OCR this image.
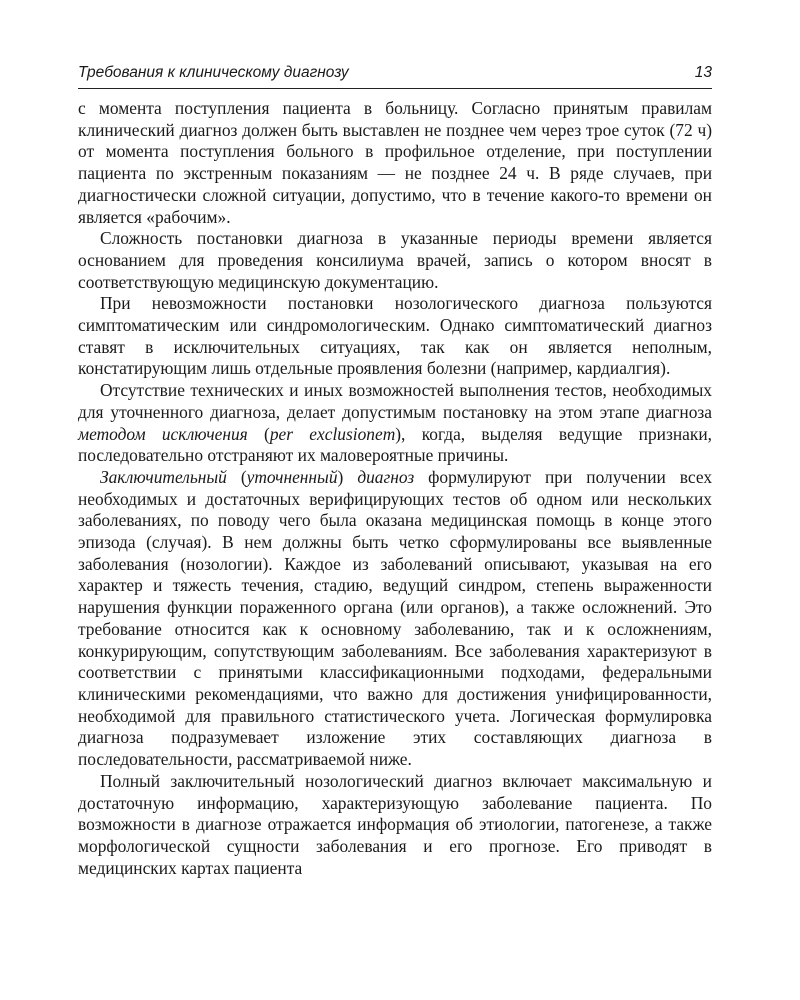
Требования к клиническому диагнозу	13

с момента поступления пациента в больницу. Согласно принятым правилам клинический диагноз должен быть выставлен не позднее чем через трое суток (72 ч) от момента поступления больного в профильное отделение, при поступлении пациента по экстренным показаниям — не позднее 24 ч. В ряде случаев, при диагностически сложной ситуации, допустимо, что в течение какого-то времени он является «рабочим».

Сложность постановки диагноза в указанные периоды времени является основанием для проведения консилиума врачей, запись о котором вносят в соответствующую медицинскую документацию.

При невозможности постановки нозологического диагноза пользуются симптоматическим или синдромологическим. Однако симптоматический диагноз ставят в исключительных ситуациях, так как он является неполным, констатирующим лишь отдельные проявления болезни (например, кардиалгия).

Отсутствие технических и иных возможностей выполнения тестов, необходимых для уточненного диагноза, делает допустимым постановку на этом этапе диагноза методом исключения (per exclusionem), когда, выделяя ведущие признаки, последовательно отстраняют их маловероятные причины.

Заключительный (уточненный) диагноз формулируют при получении всех необходимых и достаточных верифицирующих тестов об одном или нескольких заболеваниях, по поводу чего была оказана медицинская помощь в конце этого эпизода (случая). В нем должны быть четко сформулированы все выявленные заболевания (нозологии). Каждое из заболеваний описывают, указывая на его характер и тяжесть течения, стадию, ведущий синдром, степень выраженности нарушения функции пораженного органа (или органов), а также осложнений. Это требование относится как к основному заболеванию, так и к осложнениям, конкурирующим, сопутствующим заболеваниям. Все заболевания характеризуют в соответствии с принятыми классификационными подходами, федеральными клиническими рекомендациями, что важно для достижения унифицированности, необходимой для правильного статистического учета. Логическая формулировка диагноза подразумевает изложение этих составляющих диагноза в последовательности, рассматриваемой ниже.

Полный заключительный нозологический диагноз включает максимальную и достаточную информацию, характеризующую заболевание пациента. По возможности в диагнозе отражается информация об этиологии, патогенезе, а также морфологической сущности заболевания и его прогнозе. Его приводят в медицинских картах пациента
